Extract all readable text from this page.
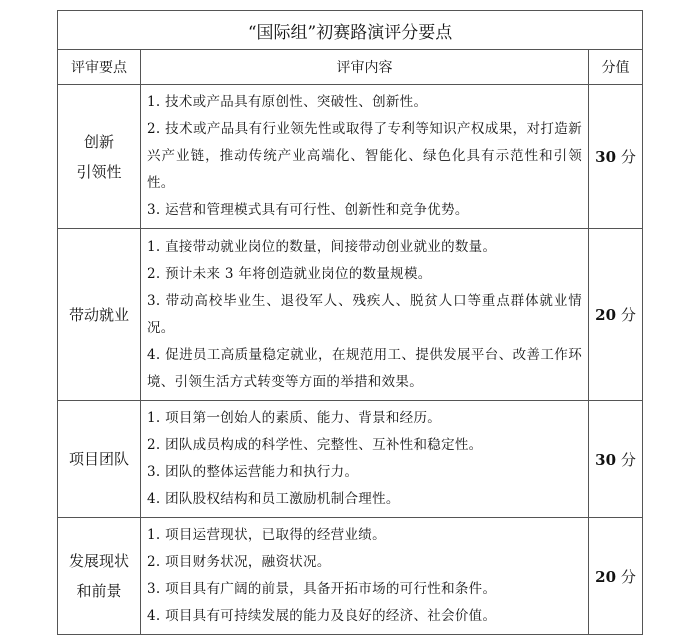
“国际组”初赛路演评分要点		
评审要点	评审内容	分值

创新
引领性	1. 技术或产品具有原创性、突破性、创新性。
2. 技术或产品具有行业领先性或取得了专利等知识产权成果，对打造新兴产业链，推动传统产业高端化、智能化、绿色化具有示范性和引领性。
3. 运营和管理模式具有可行性、创新性和竞争优势。	30 分

带动就业	1. 直接带动就业岗位的数量，间接带动创业就业的数量。
2. 预计未来 3 年将创造就业岗位的数量规模。
3. 带动高校毕业生、退役军人、残疾人、脱贫人口等重点群体就业情况。
4. 促进员工高质量稳定就业，在规范用工、提供发展平台、改善工作环境、引领生活方式转变等方面的举措和效果。	20 分

项目团队	1. 项目第一创始人的素质、能力、背景和经历。
2. 团队成员构成的科学性、完整性、互补性和稳定性。
3. 团队的整体运营能力和执行力。
4. 团队股权结构和员工激励机制合理性。	30 分

发展现状
和前景	1. 项目运营现状，已取得的经营业绩。
2. 项目财务状况，融资状况。
3. 项目具有广阔的前景，具备开拓市场的可行性和条件。
4. 项目具有可持续发展的能力及良好的经济、社会价值。	20 分
